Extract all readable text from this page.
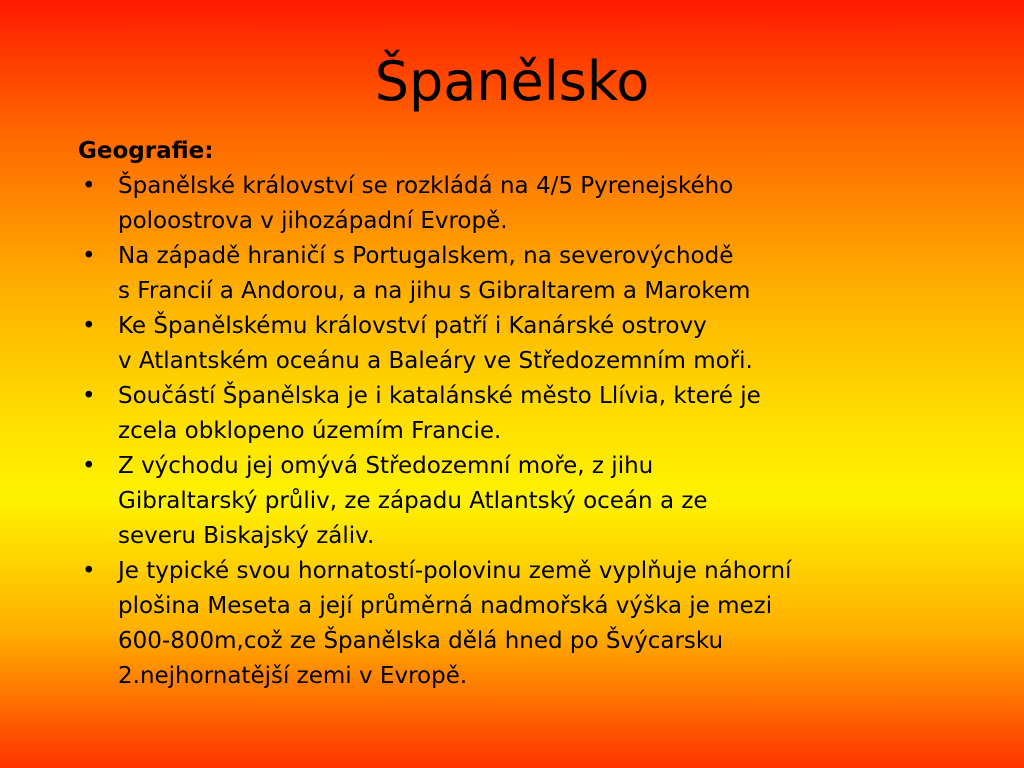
Španělsko
Geografie:
• Španělské království se rozkládá na 4/5 Pyrenejského
poloostrova v jihozápadní Evropě.
• Na západě hraničí s Portugalskem, na severovýchodě
s Francií a Andorou, a na jihu s Gibraltarem a Marokem
• Ke Španělskému království patří i Kanárské ostrovy
v Atlantském oceánu a Baleáry ve Středozemním moři.
• Součástí Španělska je i katalánské město Llívia, které je
zcela obklopeno územím Francie.
• Z východu jej omývá Středozemní moře, z jihu
Gibraltarský průliv, ze západu Atlantský oceán a ze
severu Biskajský záliv.
• Je typické svou hornatostí-polovinu země vyplňuje náhorní
plošina Meseta a její průměrná nadmořská výška je mezi
600-800m,což ze Španělska dělá hned po Švýcarsku
2.nejhornatější zemi v Evropě.
